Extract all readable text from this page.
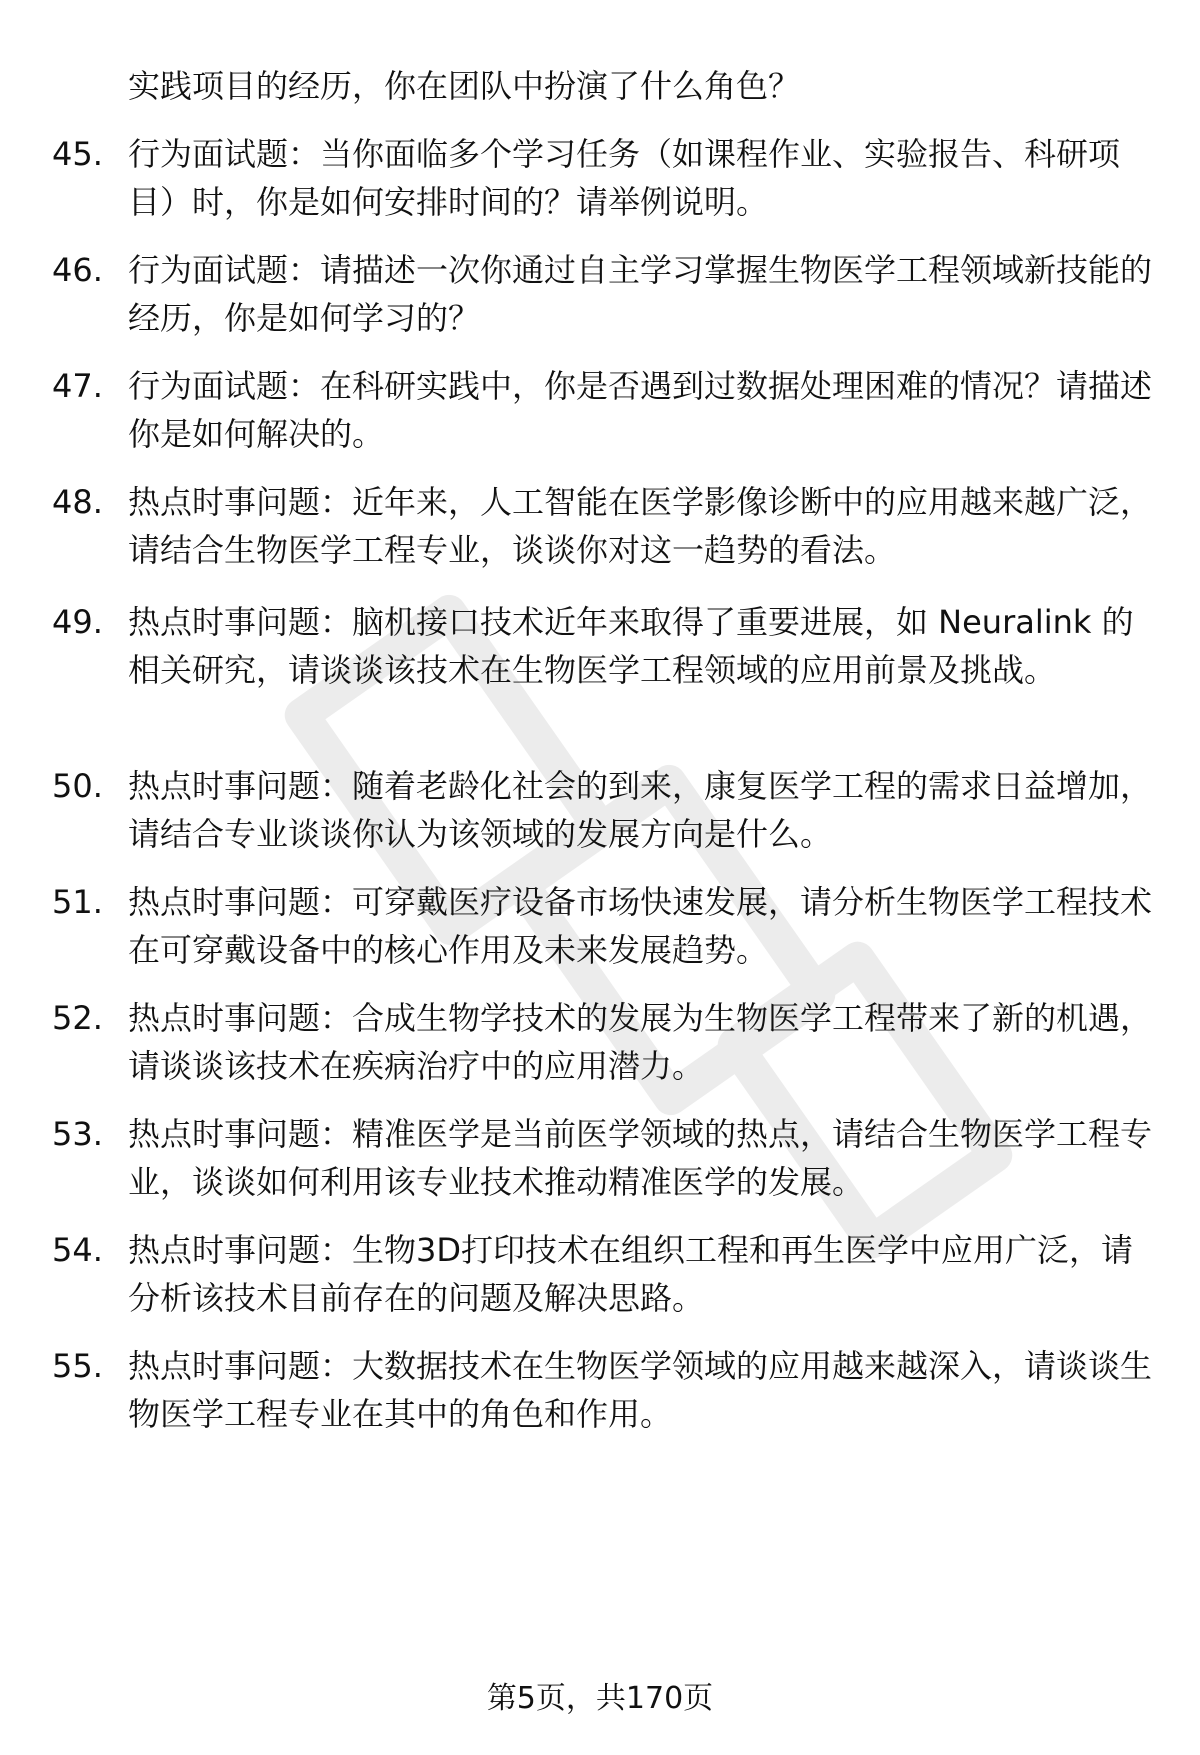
实践项目的经历，你在团队中扮演了什么角色？
45. 行为面试题：当你面临多个学习任务（如课程作业、实验报告、科研项目）时，你是如何安排时间的？请举例说明。
46. 行为面试题：请描述一次你通过自主学习掌握生物医学工程领域新技能的经历，你是如何学习的？
47. 行为面试题：在科研实践中，你是否遇到过数据处理困难的情况？请描述你是如何解决的。
48. 热点时事问题：近年来，人工智能在医学影像诊断中的应用越来越广泛，请结合生物医学工程专业，谈谈你对这一趋势的看法。
49. 热点时事问题：脑机接口技术近年来取得了重要进展，如 Neuralink 的相关研究，请谈谈该技术在生物医学工程领域的应用前景及挑战。
50. 热点时事问题：随着老龄化社会的到来，康复医学工程的需求日益增加，请结合专业谈谈你认为该领域的发展方向是什么。
51. 热点时事问题：可穿戴医疗设备市场快速发展，请分析生物医学工程技术在可穿戴设备中的核心作用及未来发展趋势。
52. 热点时事问题：合成生物学技术的发展为生物医学工程带来了新的机遇，请谈谈该技术在疾病治疗中的应用潜力。
53. 热点时事问题：精准医学是当前医学领域的热点，请结合生物医学工程专业，谈谈如何利用该专业技术推动精准医学的发展。
54. 热点时事问题：生物3D打印技术在组织工程和再生医学中应用广泛，请分析该技术目前存在的问题及解决思路。
55. 热点时事问题：大数据技术在生物医学领域的应用越来越深入，请谈谈生物医学工程专业在其中的角色和作用。
第5页，共170页
